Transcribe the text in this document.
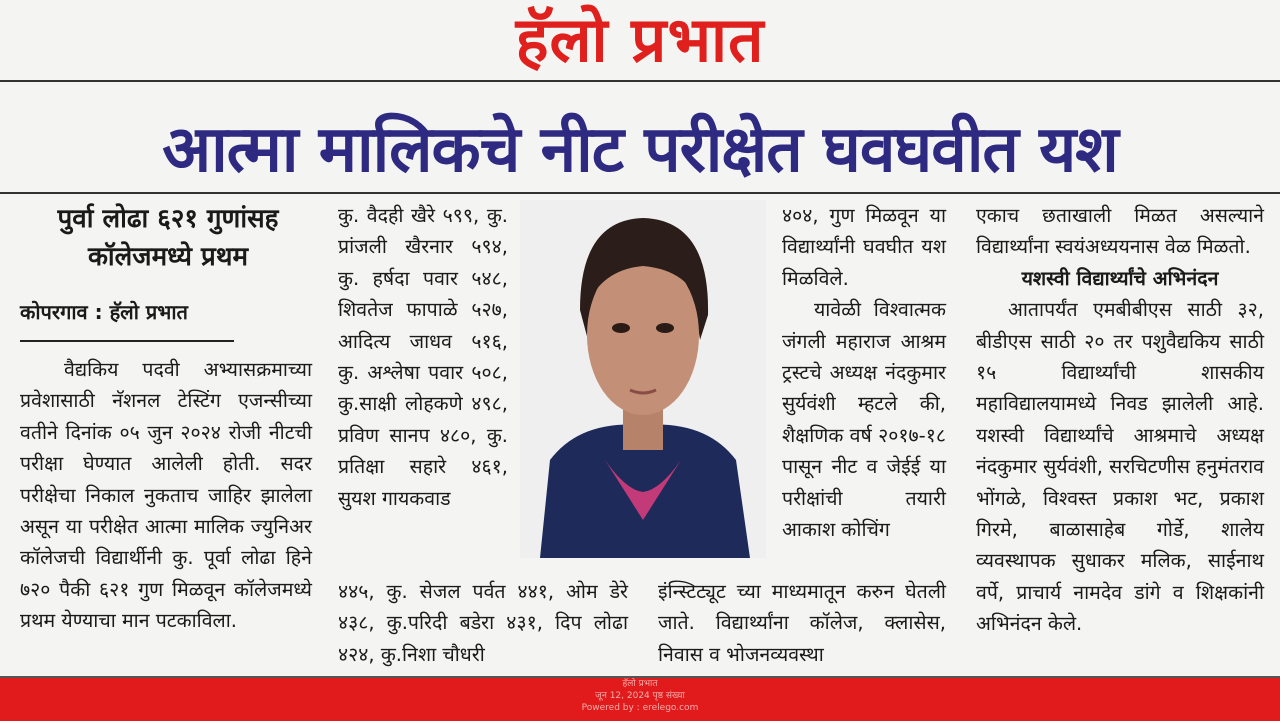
हॅलो प्रभात
आत्मा मालिकचे नीट परीक्षेत घवघवीत यश
पुर्वा लोढा ६२१ गुणांसह
कॉलेजमध्ये प्रथम
कोपरगाव : हॅलो प्रभात

वैद्यकिय पदवी अभ्यासक्रमाच्या प्रवेशासाठी नॅशनल टेस्टिंग एजन्सीच्या वतीने दिनांक ०५ जुन २०२४ रोजी नीटची परीक्षा घेण्यात आलेली होती. सदर परीक्षेचा निकाल नुकताच जाहिर झालेला असून या परीक्षेत आत्मा मालिक ज्युनिअर कॉलेजची विद्यार्थीनी कु. पूर्वा लोढा हिने ७२० पैकी ६२१ गुण मिळवून कॉलेजमध्ये प्रथम येण्याचा मान पटकाविला.

कु. वैदही खैरे ५९९, कु. प्रांजली खैरनार ५९४, कु. हर्षदा पवार ५४८, शिवतेज फापाळे ५२७, आदित्य जाधव ५१६, कु. अश्लेषा पवार ५०८, कु.साक्षी लोहकणे ४९८, प्रविण सानप ४८०, कु. प्रतिक्षा सहारे ४६१, सुयश गायकवाड

४४५, कु. सेजल पर्वत ४४१, ओम डेरे ४३८, कु.परिदी बडेरा ४३१, दिप लोढा ४२४, कु.निशा चौधरी

४०४, गुण मिळवून या विद्यार्थ्यांनी घवघीत यश मिळविले.

यावेळी विश्वात्मक जंगली महाराज आश्रम ट्रस्टचे अध्यक्ष नंदकुमार सुर्यवंशी म्हटले की, शैक्षणिक वर्ष २०१७-१८ पासून नीट व जेईई या परीक्षांची तयारी आकाश कोचिंग

इंन्स्टिट्यूट च्या माध्यमातून करुन घेतली जाते. विद्यार्थ्यांना कॉलेज, क्लासेस, निवास व भोजनव्यवस्था

एकाच छताखाली मिळत असल्याने विद्यार्थ्यांना स्वयंअध्ययनास वेळ मिळतो.

यशस्वी विद्यार्थ्यांचे अभिनंदन

आतापर्यंत एमबीबीएस साठी ३२, बीडीएस साठी २० तर पशुवैद्यकिय साठी १५ विद्यार्थ्यांची शासकीय महाविद्यालयामध्ये निवड झालेली आहे. यशस्वी विद्यार्थ्यांचे आश्रमाचे अध्यक्ष नंदकुमार सुर्यवंशी, सरचिटणीस हनुमंतराव भोंगळे, विश्वस्त प्रकाश भट, प्रकाश गिरमे, बाळासाहेब गोर्डे, शालेय व्यवस्थापक सुधाकर मलिक, साईनाथ वर्पे, प्राचार्य नामदेव डांगे व शिक्षकांनी अभिनंदन केले.

हॅलो प्रभात
जून 12, 2024 पृष्ठ संख्या
Powered by : erelego.com
